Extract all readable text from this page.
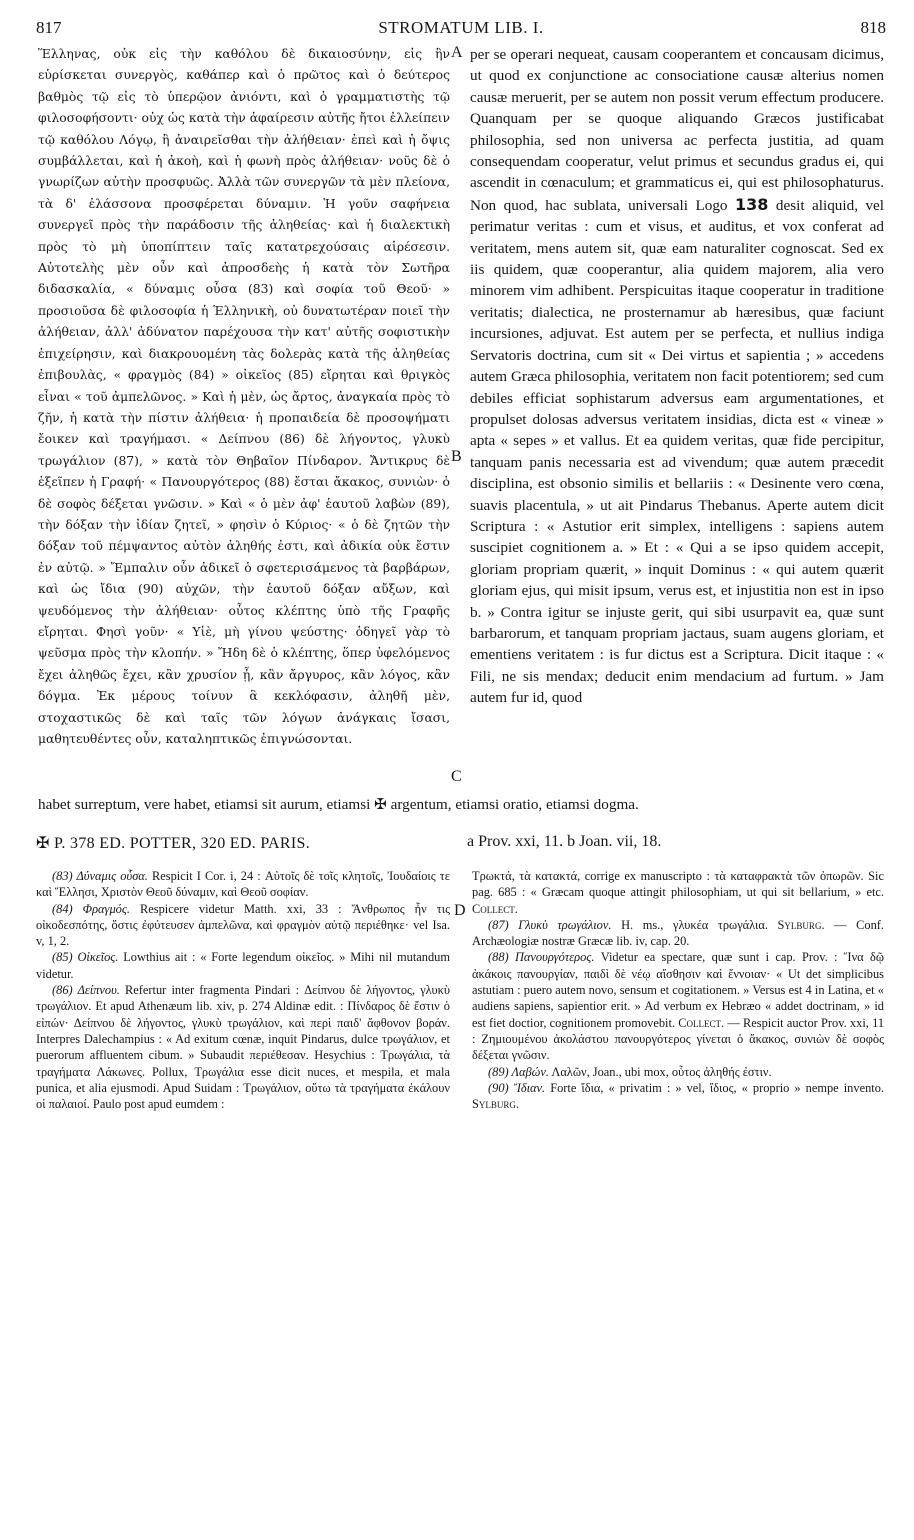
817	STROMATUM LIB. I.	818
Ἕλληνας, οὐκ εἰς τὴν καθόλου δὲ δικαιοσύνην, εἰς ἣν εὑρίσκεται συνεργὸς, καθάπερ καὶ ὁ πρῶτος καὶ ὁ δεύτερος βαθμὸς τῷ εἰς τὸ ὑπερῷον ἀνιόντι, καὶ ὁ γραμματιστὴς τῷ φιλοσοφήσοντι· οὐχ ὡς κατὰ τὴν ἀφαίρεσιν αὐτῆς ἤτοι ἐλλείπειν τῷ καθόλου Λόγῳ, ἢ ἀναιρεῖσθαι τὴν ἀλήθειαν· ἐπεὶ καὶ ἡ ὄψις συμβάλλεται, καὶ ἡ ἀκοὴ, καὶ ἡ φωνὴ πρὸς ἀλήθειαν· νοῦς δὲ ὁ γνωρίζων αὐτὴν προσφυῶς. Ἀλλὰ τῶν συνεργῶν τὰ μὲν πλείονα, τὰ δ' ἐλάσσονα προσφέρεται δύναμιν. Ἡ γοῦν σαφήνεια συνεργεῖ πρὸς τὴν παράδοσιν τῆς ἀληθείας· καὶ ἡ διαλεκτικὴ πρὸς τὸ μὴ ὑποπίπτειν ταῖς κατατρεχούσαις αἱρέσεσιν. Αὐτοτελὴς μὲν οὖν καὶ ἀπροσδεὴς ἡ κατὰ τὸν Σωτῆρα διδασκαλία, « δύναμις οὖσα (83) καὶ σοφία τοῦ Θεοῦ· » προσιοῦσα δὲ φιλοσοφία ἡ Ἑλληνικὴ, οὐ δυνατωτέραν ποιεῖ τὴν ἀλήθειαν, ἀλλ' ἀδύνατον παρέχουσα τὴν κατ' αὐτῆς σοφιστικὴν ἐπιχείρησιν, καὶ διακρουομένη τὰς δολερὰς κατὰ τῆς ἀληθείας ἐπιβουλὰς, « φραγμὸς (84) » οἰκεῖος (85) εἴρηται καὶ θριγκὸς εἶναι « τοῦ ἀμπελῶνος. » Καὶ ἡ μὲν, ὡς ἄρτος, ἀναγκαία πρὸς τὸ ζῆν, ἡ κατὰ τὴν πίστιν ἀλήθεια· ἡ προπαιδεία δὲ προσοψήματι ἔοικεν καὶ τραγήμασι. « Δείπνου (86) δὲ λήγοντος, γλυκὺ τρωγάλιον (87), » κατὰ τὸν Θηβαῖον Πίνδαρον. Ἄντικρυς δὲ ἐξεῖπεν ἡ Γραφή· « Πανουργότερος (88) ἔσται ἄκακος, συνιὼν· ὁ δὲ σοφὸς δέξεται γνῶσιν. » Καὶ « ὁ μὲν ἀφ' ἑαυτοῦ λαβὼν (89), τὴν δόξαν τὴν ἰδίαν ζητεῖ, » φησὶν ὁ Κύριος· « ὁ δὲ ζητῶν τὴν δόξαν τοῦ πέμψαντος αὐτὸν ἀληθής ἐστι, καὶ ἀδικία οὐκ ἔστιν ἐν αὐτῷ. » Ἔμπαλιν οὖν ἀδικεῖ ὁ σφετερισάμενος τὰ βαρβάρων, καὶ ὡς ἴδια (90) αὐχῶν, τὴν ἑαυτοῦ δόξαν αὔξων, καὶ ψευδόμενος τὴν ἀλήθειαν· οὗτος κλέπτης ὑπὸ τῆς Γραφῆς εἴρηται. Φησὶ γοῦν· « Υἱὲ, μὴ γίνου ψεύστης· ὁδηγεῖ γὰρ τὸ ψεῦσμα πρὸς τὴν κλοπήν. » Ἤδη δὲ ὁ κλέπτης, ὅπερ ὑφελόμενος ἔχει ἀληθῶς ἔχει, κἂν χρυσίον ᾖ, κἂν ἄργυρος, κἂν λόγος, κἂν δόγμα. Ἐκ μέρους τοίνυν ἃ κεκλόφασιν, ἀληθῆ μὲν, στοχαστικῶς δὲ καὶ ταῖς τῶν λόγων ἀνάγκαις ἴσασι, μαθητευθέντες οὖν, καταληπτικῶς ἐπιγνώσονται.
per se operari nequeat, causam cooperantem et concausam dicimus, ut quod ex conjunctione ac consociatione causæ alterius nomen causæ meruerit, per se autem non possit verum effectum producere. Quanquam per se quoque aliquando Græcos justificabat philosophia, sed non universa ac perfecta justitia, ad quam consequendam cooperatur, velut primus et secundus gradus ei, qui ascendit in cœnaculum; et grammaticus ei, qui est philosophaturus. Non quod, hac sublata, universali Logo 138 desit aliquid, vel perimatur veritas : cum et visus, et auditus, et vox conferat ad veritatem, mens autem sit, quæ eam naturaliter cognoscat. Sed ex iis quidem, quæ cooperantur, alia quidem majorem, alia vero minorem vim adhibent. Perspicuitas itaque cooperatur in traditione veritatis; dialectica, ne prosternamur ab hæresibus, quæ faciunt incursiones, adjuvat. Est autem per se perfecta, et nullius indiga Servatoris doctrina, cum sit « Dei virtus et sapientia ; » accedens autem Græca philosophia, veritatem non facit potentiorem; sed cum debiles efficiat sophistarum adversus eam argumentationes, et propulset dolosas adversus veritatem insidias, dicta est « vineæ » apta « sepes » et vallus. Et ea quidem veritas, quæ fide percipitur, tanquam panis necessaria est ad vivendum; quæ autem præcedit disciplina, est obsonio similis et bellariis : « Desinente vero cœna, suavis placentula, » ut ait Pindarus Thebanus. Aperte autem dicit Scriptura : « Astutior erit simplex, intelligens : sapiens autem suscipiet cognitionem a. » Et : « Qui a se ipso quidem accepit, gloriam propriam quærit, » inquit Dominus : « qui autem quærit gloriam ejus, qui misit ipsum, verus est, et injustitia non est in ipso b. » Contra igitur se injuste gerit, qui sibi usurpavit ea, quæ sunt barbarorum, et tanquam propriam jactaus, suam augens gloriam, et ementiens veritatem : is fur dictus est a Scriptura. Dicit itaque : « Fili, ne sis mendax; deducit enim mendacium ad furtum. » Jam autem fur id, quod
habet surreptum, vere habet, etiamsi sit aurum, etiamsi ✠ argentum, etiamsi oratio, etiamsi dogma.
A
B
C
D
✠ P. 378 ED. POTTER, 320 ED. PARIS.	a Prov. xxi, 11. b Joan. vii, 18.

(83) Δύναμις οὖσα. Respicit I Cor. i, 24 : Αὐτοῖς δὲ τοῖς κλητοῖς, Ἰουδαίοις τε καὶ Ἕλλησι, Χριστὸν Θεοῦ δύναμιν, καὶ Θεοῦ σοφίαν.

(84) Φραγμός. Respicere videtur Matth. xxi, 33 : Ἄνθρωπος ἦν τις οἰκοδεσπότης, ὅστις ἐφύτευσεν ἀμπελῶνα, καὶ φραγμὸν αὐτῷ περιέθηκε· vel Isa. v, 1, 2.

(85) Οἰκεῖος. Lowthius ait : « Forte legendum οἰκεῖος. » Mihi nil mutandum videtur.

(86) Δείπνου. Refertur inter fragmenta Pindari : Δείπνου δὲ λήγοντος, γλυκὺ τρωγάλιον. Et apud Athenæum lib. xiv, p. 274 Aldinæ edit. : Πίνδαρος δὲ ἔστιν ὁ εἰπών· Δείπνου δὲ λήγοντος, γλυκὺ τρωγάλιον, καὶ περὶ παιδ' ἄφθονον βοράν. Interpres Dalechampius : « Ad exitum cœnæ, inquit Pindarus, dulce τρωγάλιον, et puerorum affluentem cibum. » Subaudit περιέθεσαν. Hesychius : Τρωγάλια, τὰ τραγήματα Λάκωνες. Pollux, Τρωγάλια esse dicit nuces, et mespila, et mala punica, et alia ejusmodi. Apud Suidam : Τρωγάλιον, οὕτω τὰ τραγήματα ἐκάλουν οἱ παλαιοί. Paulo post apud eumdem :

Τρωκτά, τὰ κατακτά, corrige ex manuscripto : τὰ καταφρακτὰ τῶν ὀπωρῶν. Sic pag. 685 : « Græcam quoque attingit philosophiam, ut qui sit bellarium, » etc. Collect.

(87) Γλυκὺ τρωγάλιον. H. ms., γλυκέα τρωγάλια. Sylburg. — Conf. Archæologiæ nostræ Græcæ lib. iv, cap. 20.

(88) Πανουργότερος. Videtur ea spectare, quæ sunt i cap. Prov. : Ἵνα δῷ ἀκάκοις πανουργίαν, παιδὶ δὲ νέῳ αἴσθησιν καὶ ἔννοιαν· « Ut det simplicibus astutiam : puero autem novo, sensum et cogitationem. » Versus est 4 in Latina, et « audiens sapiens, sapientior erit. » Ad verbum ex Hebræo « addet doctrinam, » id est fiet doctior, cognitionem promovebit. Collect. — Respicit auctor Prov. xxi, 11 : Ζημιουμένου ἀκολάστου πανουργότερος γίνεται ὁ ἄκακος, συνιὼν δὲ σοφὸς δέξεται γνῶσιν.

(89) Λαβών. Λαλῶν, Joan., ubi mox, οὗτος ἀληθής ἐστιν.

(90) Ἴδιαν. Forte ἴδια, « privatim : » vel, ἴδιος, « proprio » nempe invento. Sylburg.
